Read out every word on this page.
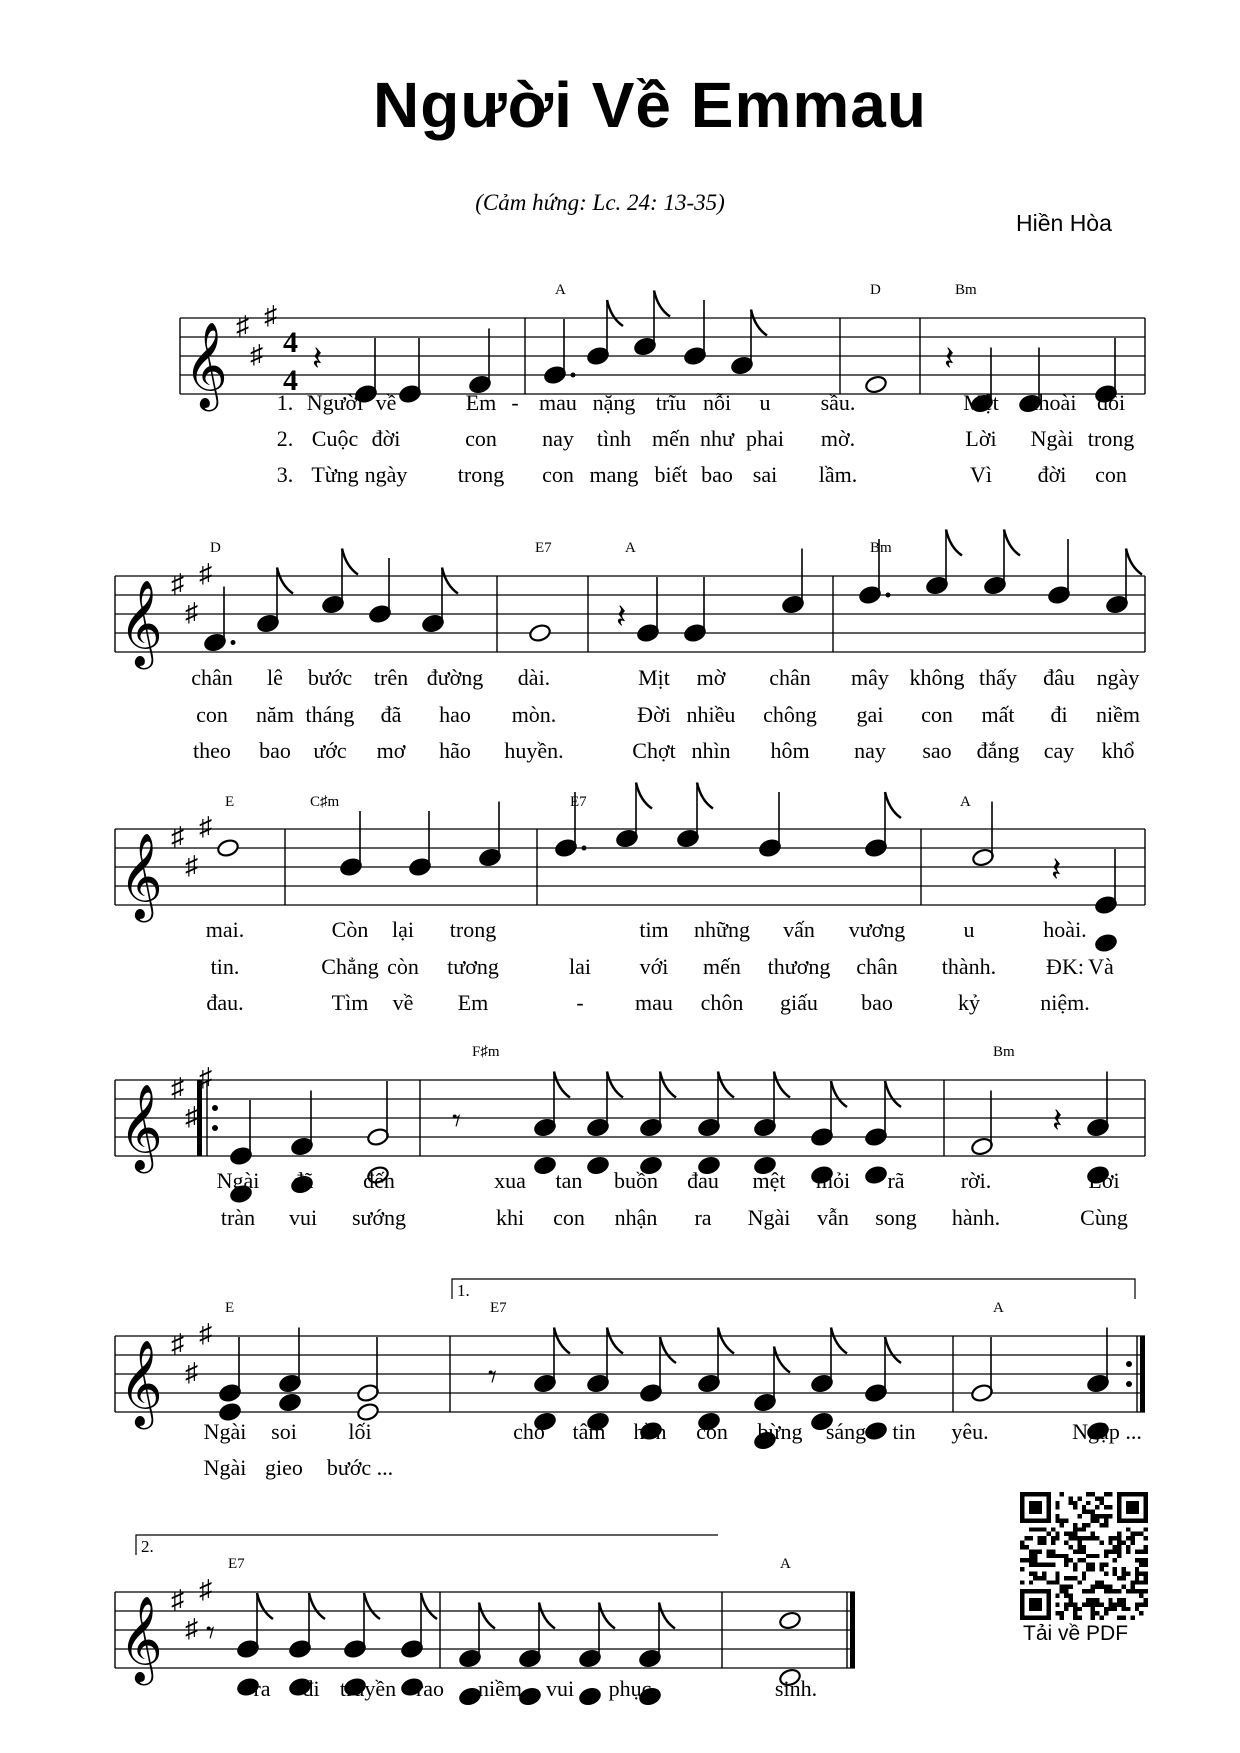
Người Về Emmau
(Cảm hứng: Lc. 24: 13-35)
Hiền Hòa
𝄞 ♯
♯
♯
4
4
𝄽	𝄽
𝄞 ♯
♯
♯
𝄽
𝄞 ♯
♯
♯
𝄽
𝄞 ♯
♯
♯
𝄾	𝄽
𝄞 ♯
♯
♯
𝄾
𝄞 ♯
♯
♯
𝄾
A	D	Bm
1. Người về	Em - mau nặng trĩu nỗi u sầu.	Mệt nhoài đôi
2. Cuộc đời	con nay tình mến như phai mờ.	Lời Ngài trong
3. Từng ngày trong con mang biết bao sai lầm.	Vì đời con
D	E7	A	Bm
chân lê bước trên đường dài.	Mịt mờ chân mây không thấy đâu ngày
con năm tháng đã hao mòn.	Đời nhiều chông gai con mất đi niềm
theo bao ước mơ hão huyền.	Chợt nhìn hôm nay sao đắng cay khổ
E	C♯m	E7	A
mai.	Còn lại trong	tim những vấn vương	u	hoài.
tin.	Chẳng còn tương	lai với mến thương chân thành. ĐK: Và
đau.	Tìm về Em	- mau chôn giấu bao	kỷ	niệm.
F♯m	Bm
Ngài đã đến	xua tan buồn đau mệt mỏi rã	rời.	Lời
tràn vui sướng	khi con nhận ra Ngài vẫn song hành.	Cùng
E	E7	A
Ngài soi lối	cho tâm hồn con bừng sáng tin yêu.	Ngập ...
Ngài gieo bước ...
E7	A
ra đi truyền rao niềm vui phục	sinh.
1.
2.
Tải về PDF
